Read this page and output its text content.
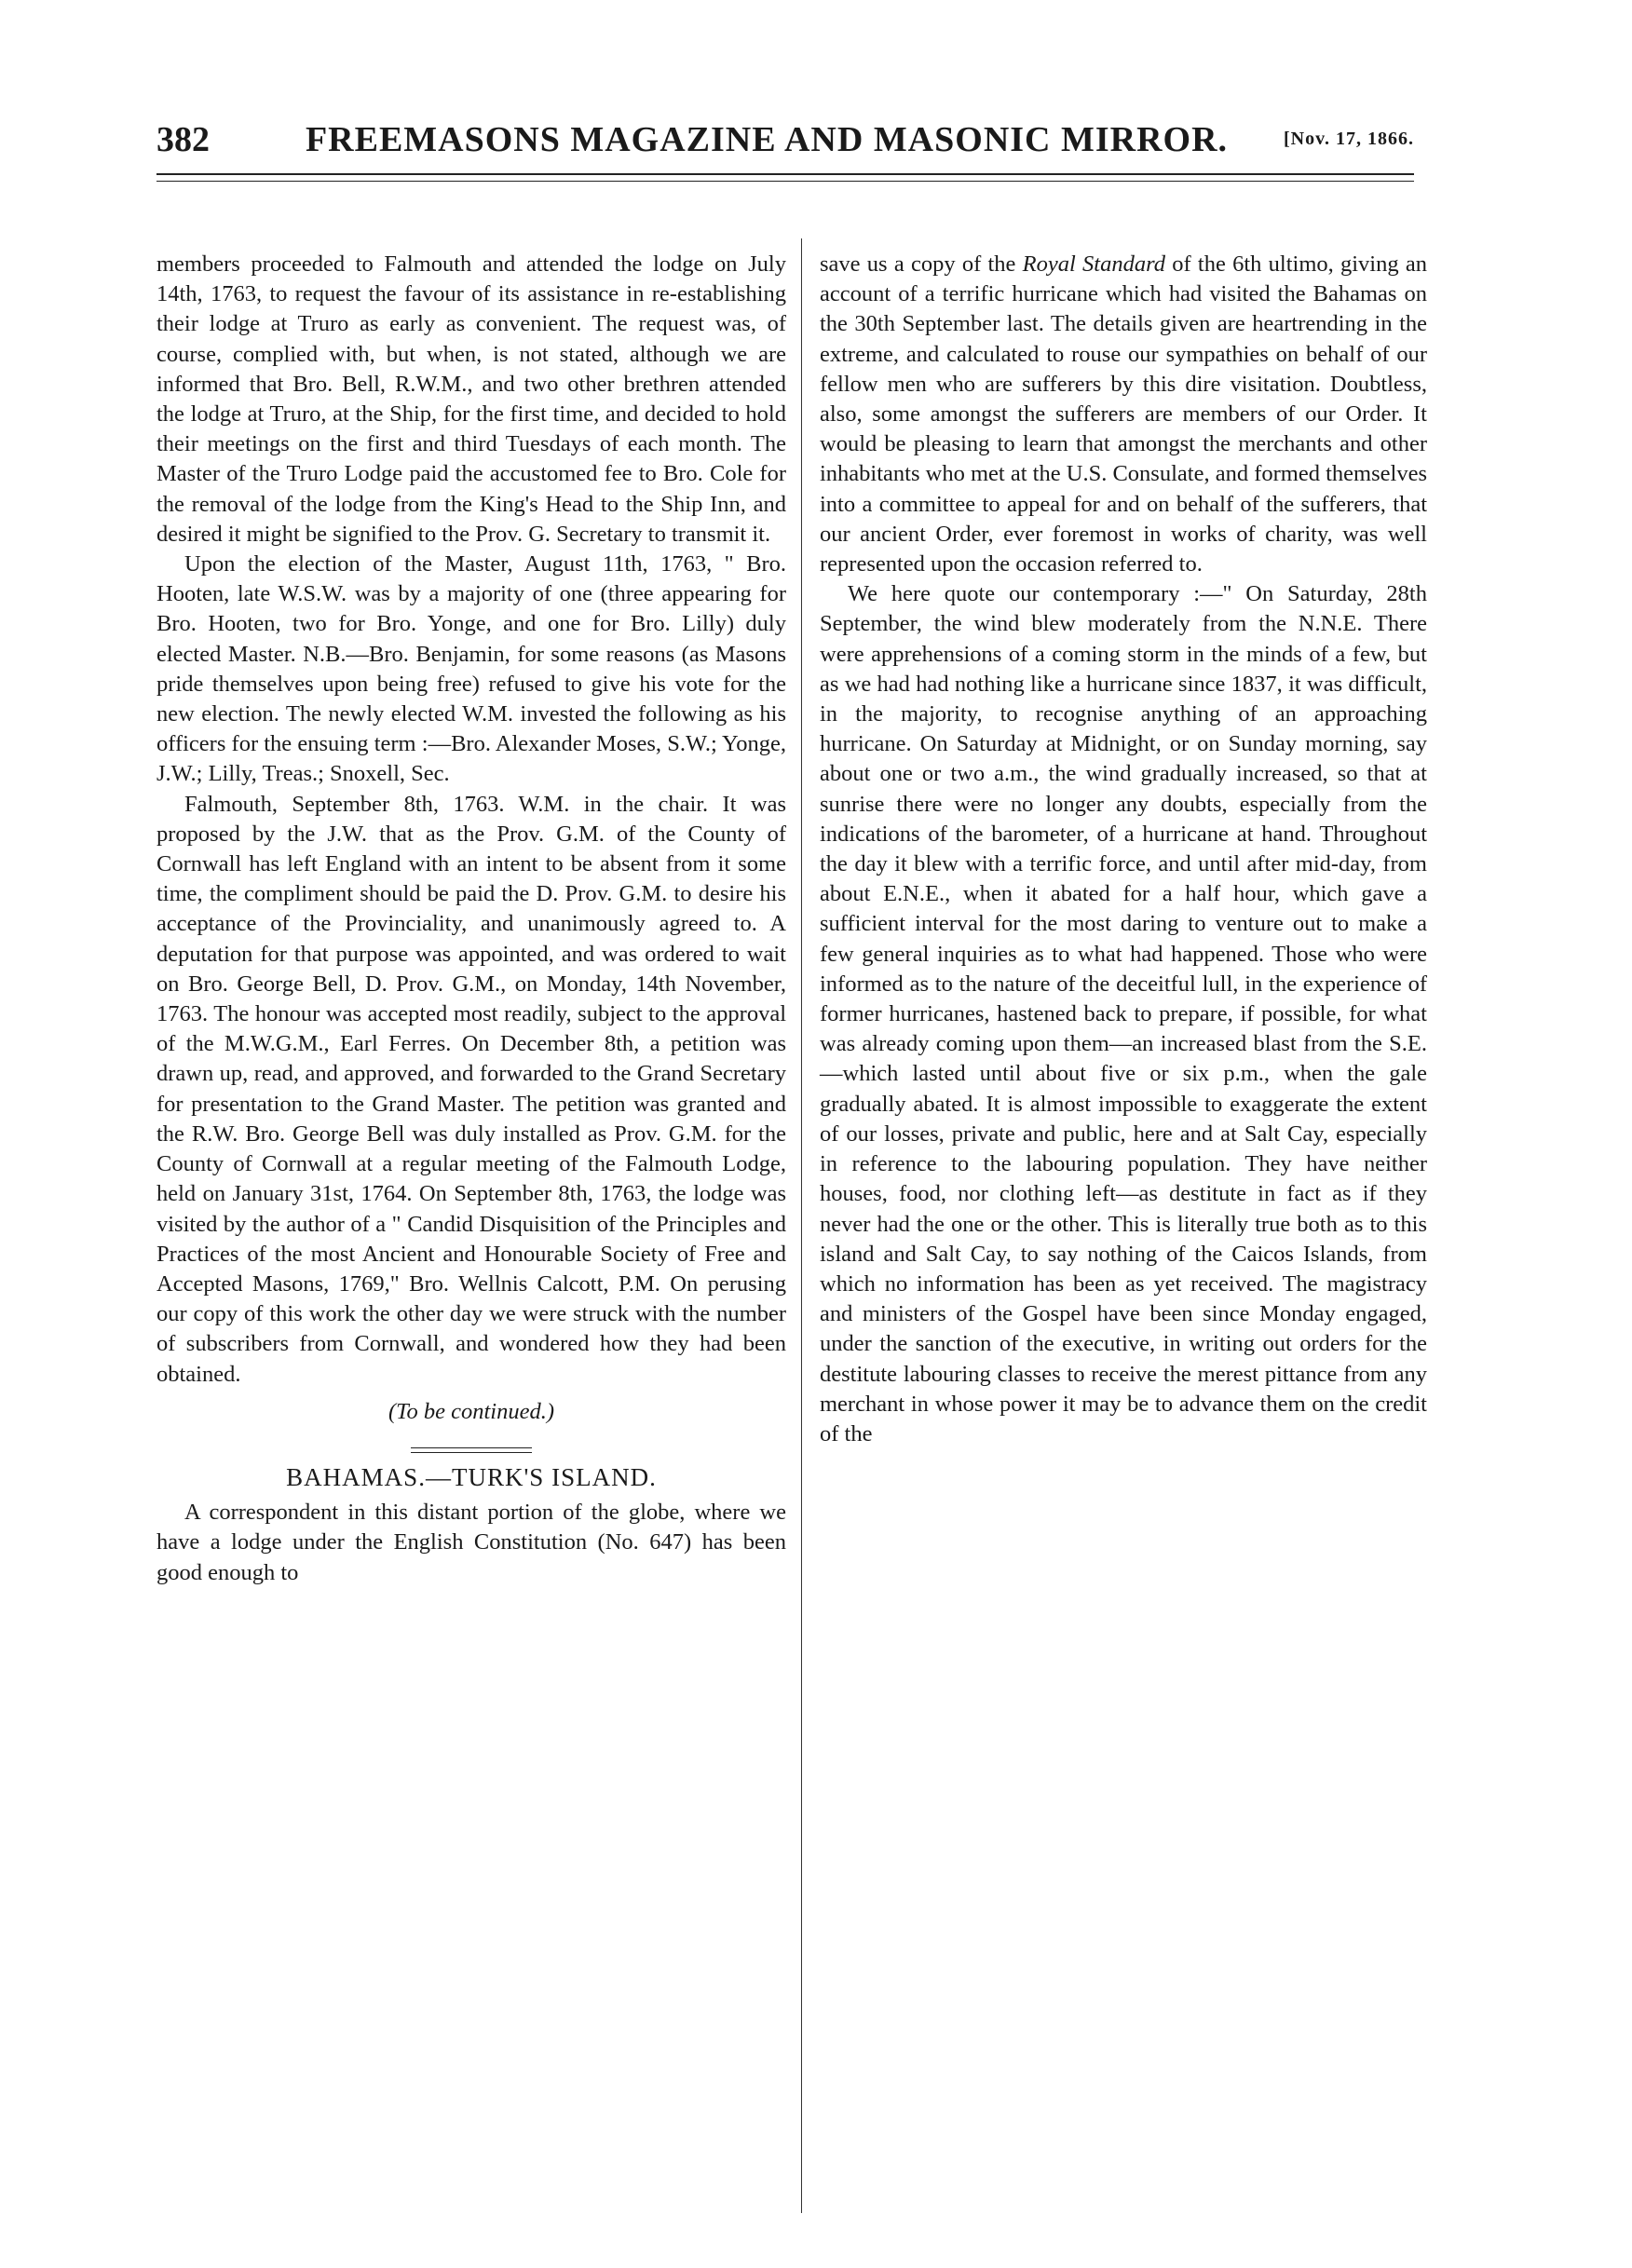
382	FREEMASONS MAGAZINE AND MASONIC MIRROR.	[Nov. 17, 1866.

members proceeded to Falmouth and attended the lodge on July 14th, 1763, to request the favour of its assistance in re-establishing their lodge at Truro as early as convenient. The request was, of course, complied with, but when, is not stated, although we are informed that Bro. Bell, R.W.M., and two other brethren attended the lodge at Truro, at the Ship, for the first time, and decided to hold their meetings on the first and third Tuesdays of each month. The Master of the Truro Lodge paid the accustomed fee to Bro. Cole for the removal of the lodge from the King's Head to the Ship Inn, and desired it might be signified to the Prov. G. Secretary to transmit it.

Upon the election of the Master, August 11th, 1763, " Bro. Hooten, late W.S.W. was by a majority of one (three appearing for Bro. Hooten, two for Bro. Yonge, and one for Bro. Lilly) duly elected Master. N.B.—Bro. Benjamin, for some reasons (as Masons pride themselves upon being free) refused to give his vote for the new election. The newly elected W.M. invested the following as his officers for the ensuing term :—Bro. Alexander Moses, S.W.; Yonge, J.W.; Lilly, Treas.; Snoxell, Sec.

Falmouth, September 8th, 1763. W.M. in the chair. It was proposed by the J.W. that as the Prov. G.M. of the County of Cornwall has left England with an intent to be absent from it some time, the compliment should be paid the D. Prov. G.M. to desire his acceptance of the Provinciality, and unanimously agreed to. A deputation for that purpose was appointed, and was ordered to wait on Bro. George Bell, D. Prov. G.M., on Monday, 14th November, 1763. The honour was accepted most readily, subject to the approval of the M.W.G.M., Earl Ferres. On December 8th, a petition was drawn up, read, and approved, and forwarded to the Grand Secretary for presentation to the Grand Master. The petition was granted and the R.W. Bro. George Bell was duly installed as Prov. G.M. for the County of Cornwall at a regular meeting of the Falmouth Lodge, held on January 31st, 1764. On September 8th, 1763, the lodge was visited by the author of a " Candid Disquisition of the Principles and Practices of the most Ancient and Honourable Society of Free and Accepted Masons, 1769," Bro. Wellnis Calcott, P.M. On perusing our copy of this work the other day we were struck with the number of subscribers from Cornwall, and wondered how they had been obtained.

(To be continued.)

BAHAMAS.—TURK'S ISLAND.

A correspondent in this distant portion of the globe, where we have a lodge under the English Constitution (No. 647) has been good enough to

save us a copy of the Royal Standard of the 6th ultimo, giving an account of a terrific hurricane which had visited the Bahamas on the 30th September last. The details given are heartrending in the extreme, and calculated to rouse our sympathies on behalf of our fellow men who are sufferers by this dire visitation. Doubtless, also, some amongst the sufferers are members of our Order. It would be pleasing to learn that amongst the merchants and other inhabitants who met at the U.S. Consulate, and formed themselves into a committee to appeal for and on behalf of the sufferers, that our ancient Order, ever foremost in works of charity, was well represented upon the occasion referred to.

We here quote our contemporary :—" On Saturday, 28th September, the wind blew moderately from the N.N.E. There were apprehensions of a coming storm in the minds of a few, but as we had had nothing like a hurricane since 1837, it was difficult, in the majority, to recognise anything of an approaching hurricane. On Saturday at Midnight, or on Sunday morning, say about one or two a.m., the wind gradually increased, so that at sunrise there were no longer any doubts, especially from the indications of the barometer, of a hurricane at hand. Throughout the day it blew with a terrific force, and until after mid-day, from about E.N.E., when it abated for a half hour, which gave a sufficient interval for the most daring to venture out to make a few general inquiries as to what had happened. Those who were informed as to the nature of the deceitful lull, in the experience of former hurricanes, hastened back to prepare, if possible, for what was already coming upon them—an increased blast from the S.E.—which lasted until about five or six p.m., when the gale gradually abated. It is almost impossible to exaggerate the extent of our losses, private and public, here and at Salt Cay, especially in reference to the labouring population. They have neither houses, food, nor clothing left—as destitute in fact as if they never had the one or the other. This is literally true both as to this island and Salt Cay, to say nothing of the Caicos Islands, from which no information has been as yet received. The magistracy and ministers of the Gospel have been since Monday engaged, under the sanction of the executive, in writing out orders for the destitute labouring classes to receive the merest pittance from any merchant in whose power it may be to advance them on the credit of the
